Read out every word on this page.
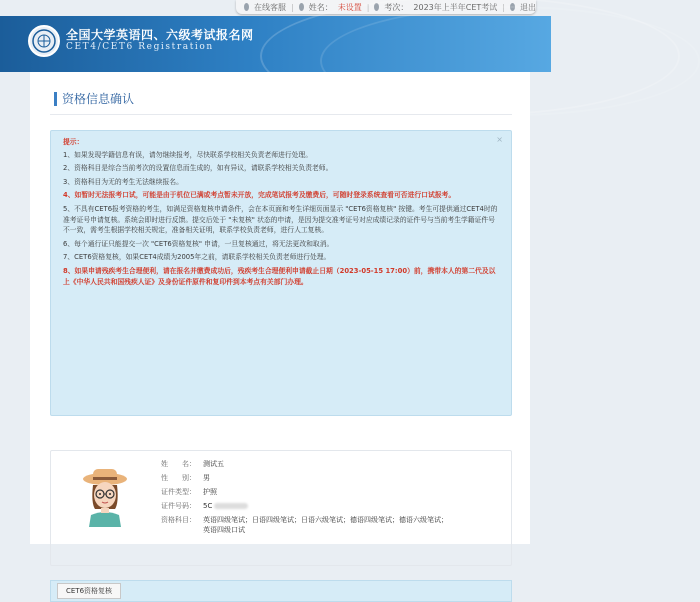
在线客服 | 姓名： 未设置 | 考次： 2023年上半年CET考试 | 退出
全国大学英语四、六级考试报名网
CET4/CET6 Registration
资格信息确认
×
提示：

1、如果发现学籍信息有误，请勿继续报考，尽快联系学校相关负责老师进行处理。

2、资格科目是综合当前考次的设置信息而生成的，如有异议，请联系学校相关负责老师。

3、资格科目为无的考生无法继续报名。

4、如暂时无法报考口试，可能是由于机位已满或考点暂未开放，完成笔试报考及缴费后，可随时登录系统查看可否进行口试报考。

5、不具有CET6报考资格的考生，如满足资格复核申请条件，会在本页面和考生详细页面显示 "CET6资格复核" 按键。考生可提供通过CET4时的准考证号申请复核。系统会即时进行反馈。提交后处于 "未复核" 状态的申请，是因为提交准考证号对应成绩记录的证件号与当前考生学籍证件号不一致，需考生根据学校相关规定，准备相关证明，联系学校负责老师，进行人工复核。

6、每个通行证只能提交一次 "CET6资格复核" 申请，一旦复核通过，将无法更改和取消。

7、CET6资格复核，如果CET4成绩为2005年之前，请联系学校相关负责老师进行处理。

8、如果申请残疾考生合理便利，请在报名并缴费成功后，残疾考生合理便利申请截止日期（2023-05-15 17:00）前，携带本人的第二代及以上《中华人民共和国残疾人证》及身份证件原件和复印件到本考点有关部门办理。

姓　　名：	测试五
性　　别：	男
证件类型：	护照
证件号码：	5C
资格科目：	英语四级笔试；日语四级笔试；日语六级笔试；德语四级笔试；德语六级笔试；英语四级口试
CET6资格复核
